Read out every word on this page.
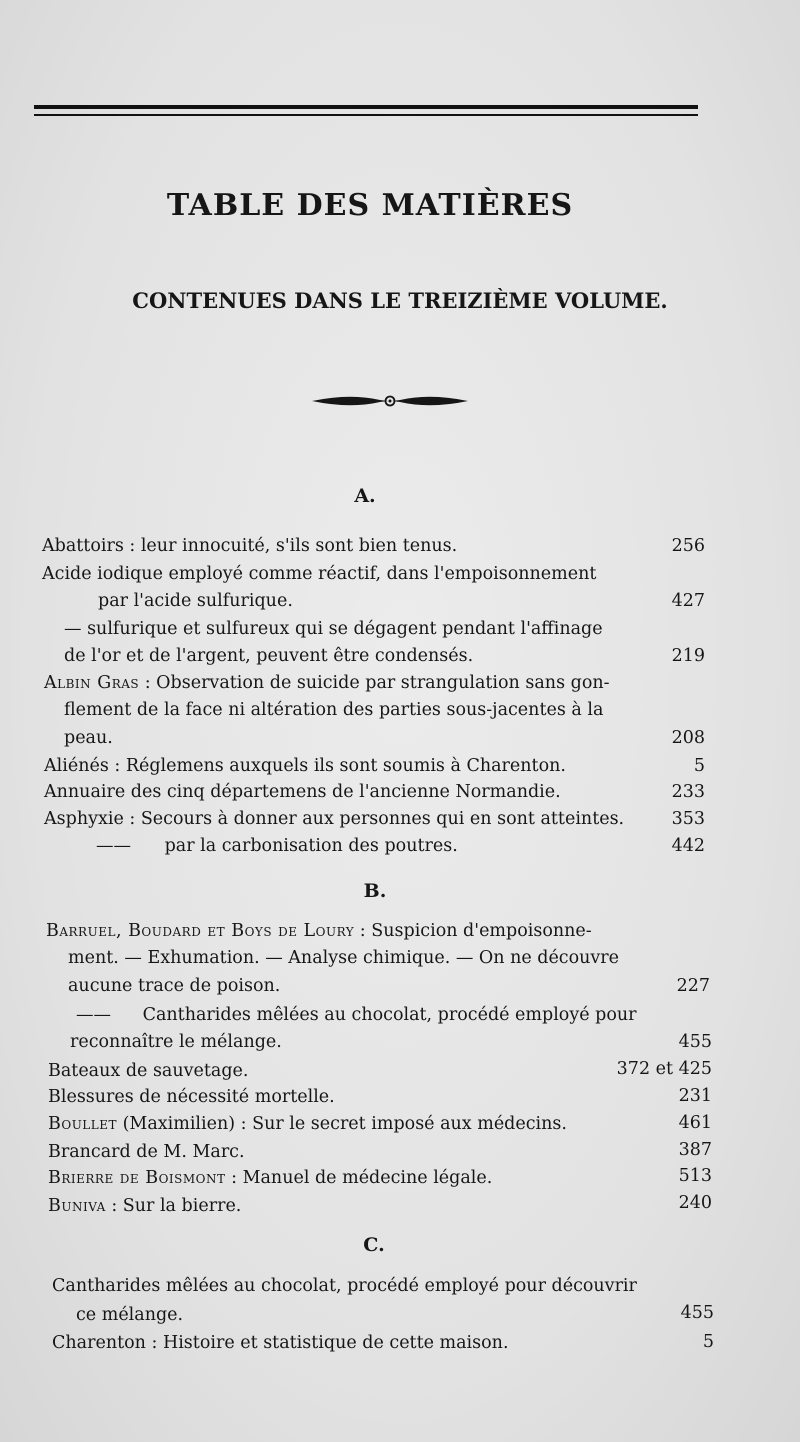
TABLE DES MATIÈRES
CONTENUES DANS LE TREIZIÈME VOLUME.
A.
Abattoirs : leur innocuité, s'ils sont bien tenus.	256
Acide iodique employé comme réactif, dans l'empoisonnement
par l'acide sulfurique.	427
— sulfurique et sulfureux qui se dégagent pendant l'affinage
de l'or et de l'argent, peuvent être condensés.	219
Albin Gras : Observation de suicide par strangulation sans gon-
flement de la face ni altération des parties sous-jacentes à la
peau.	208
Aliénés : Réglemens auxquels ils sont soumis à Charenton.	5
Annuaire des cinq départemens de l'ancienne Normandie.	233
Asphyxie : Secours à donner aux personnes qui en sont atteintes.	353
—— par la carbonisation des poutres.	442
B.
Barruel, Boudard et Boys de Loury : Suspicion d'empoisonne-
ment. — Exhumation. — Analyse chimique. — On ne découvre
aucune trace de poison.	227
—— Cantharides mêlées au chocolat, procédé employé pour
reconnaître le mélange.	455
Bateaux de sauvetage.	372 et 425
Blessures de nécessité mortelle.	231
Boullet (Maximilien) : Sur le secret imposé aux médecins.	461
Brancard de M. Marc.	387
Brierre de Boismont : Manuel de médecine légale.	513
Buniva : Sur la bierre.	240
C.
Cantharides mêlées au chocolat, procédé employé pour découvrir
ce mélange.	455
Charenton : Histoire et statistique de cette maison.	5
